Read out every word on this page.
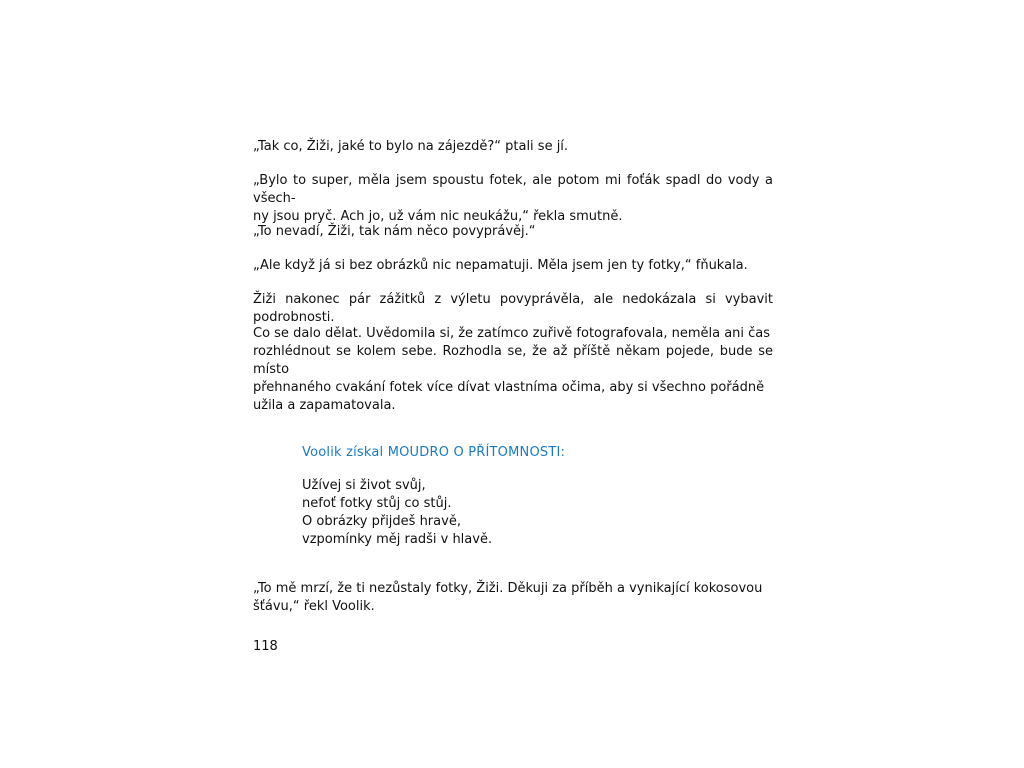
„Tak co, Žiži, jaké to bylo na zájezdě?“ ptali se jí.

„Bylo to super, měla jsem spoustu fotek, ale potom mi foťák spadl do vody a všech-

ny jsou pryč. Ach jo, už vám nic neukážu,“ řekla smutně.

„To nevadí, Žiži, tak nám něco povyprávěj.“

„Ale když já si bez obrázků nic nepamatuji. Měla jsem jen ty fotky,“ fňukala.

Žiži nakonec pár zážitků z výletu povyprávěla, ale nedokázala si vybavit podrobnosti.

Co se dalo dělat. Uvědomila si, že zatímco zuřivě fotografovala, neměla ani čas

rozhlédnout se kolem sebe. Rozhodla se, že až příště někam pojede, bude se místo

přehnaného cvakání fotek více dívat vlastníma očima, aby si všechno pořádně

užila a zapamatovala.

Voolik získal MOUDRO O PŘÍTOMNOSTI:
Užívej si život svůj,
nefoť fotky stůj co stůj.
O obrázky přijdeš hravě,
vzpomínky měj radši v hlavě.

„To mě mrzí, že ti nezůstaly fotky, Žiži. Děkuji za příběh a vynikající kokosovou

šťávu,“ řekl Voolik.

118
